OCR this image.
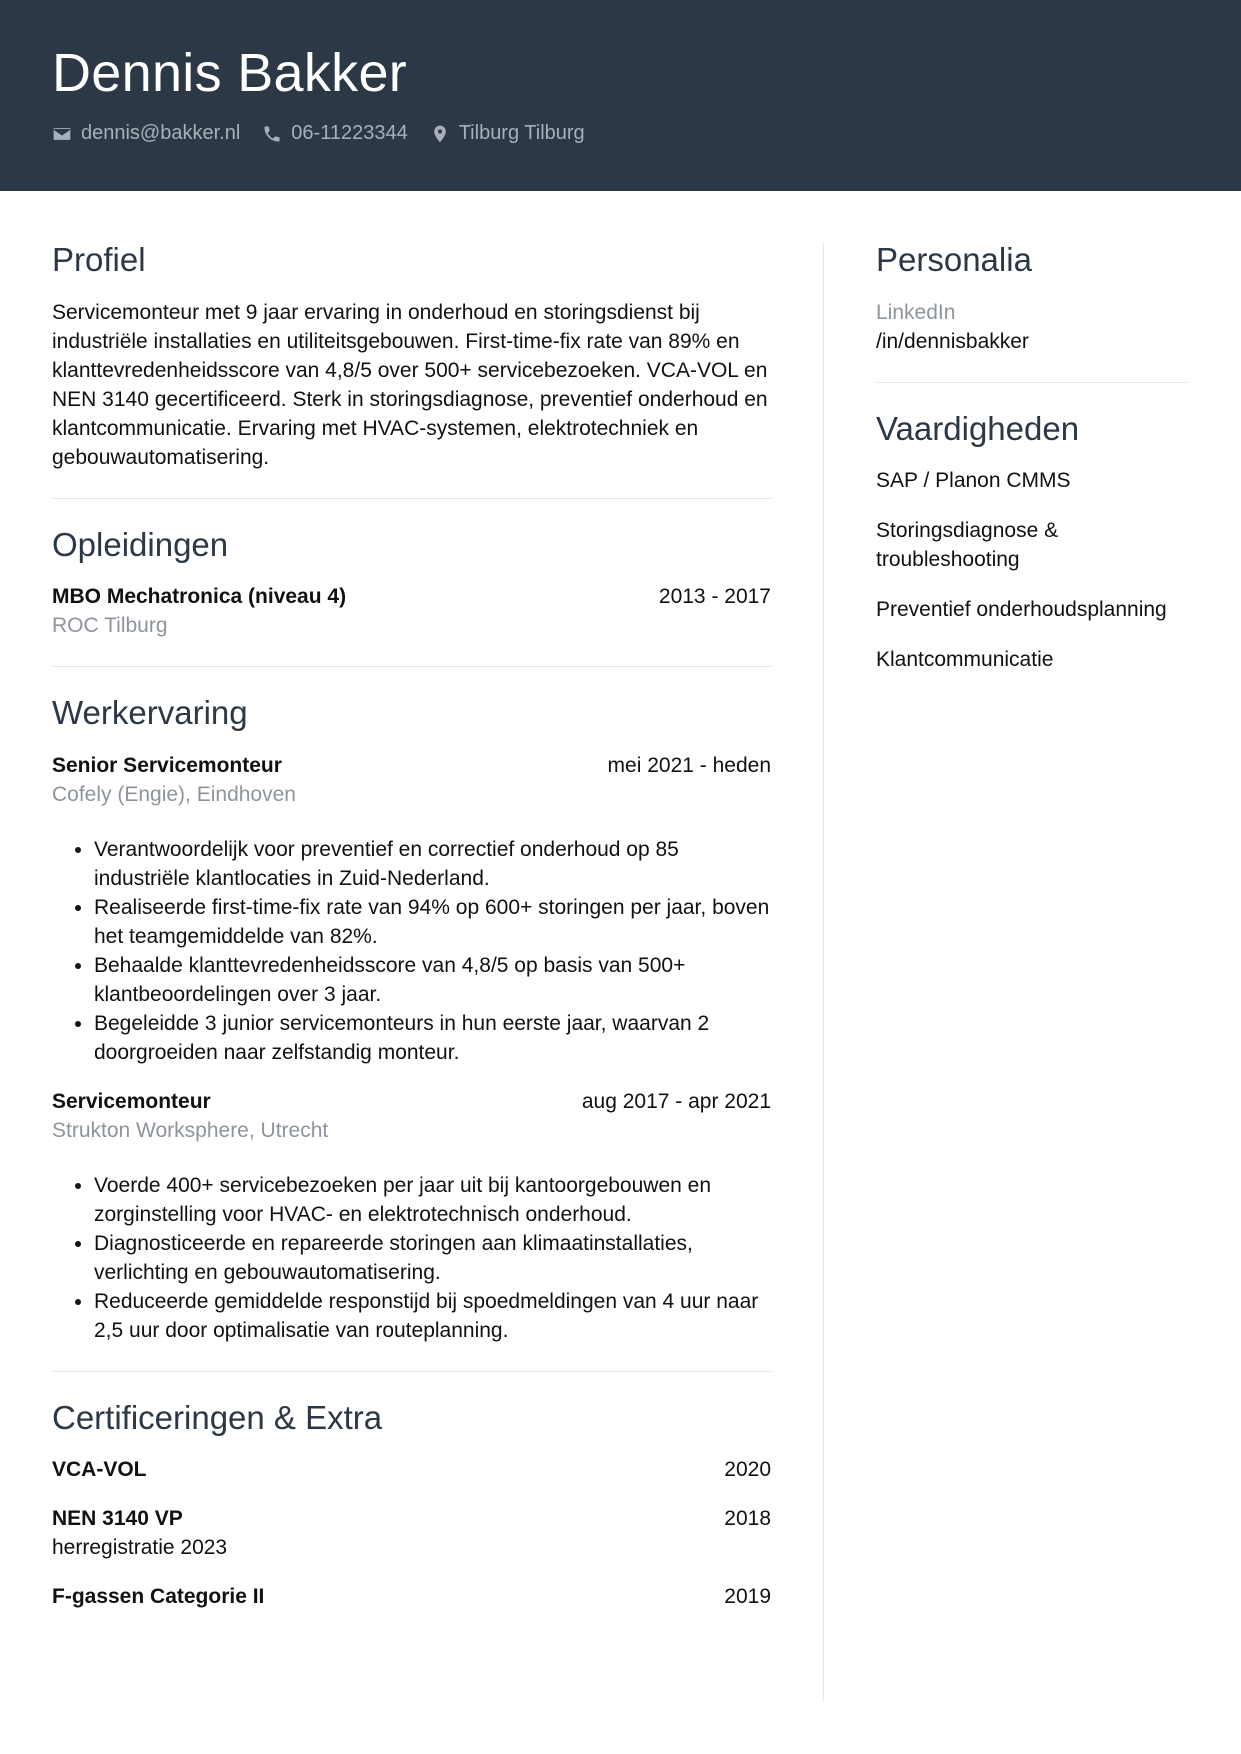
Dennis Bakker
dennis@bakker.nl	06-11223344	Tilburg Tilburg
Profiel

Servicemonteur met 9 jaar ervaring in onderhoud en storingsdienst bij industriële installaties en utiliteitsgebouwen. First-time-fix rate van 89% en klanttevredenheidsscore van 4,8/5 over 500+ servicebezoeken. VCA-VOL en NEN 3140 gecertificeerd. Sterk in storingsdiagnose, preventief onderhoud en klantcommunicatie. Ervaring met HVAC-systemen, elektrotechniek en gebouwautomatisering.

Opleidingen
MBO Mechatronica (niveau 4)	2013 - 2017
ROC Tilburg
Werkervaring
Senior Servicemonteur	mei 2021 - heden
Cofely (Engie), Eindhoven
• Verantwoordelijk voor preventief en correctief onderhoud op 85 industriële klantlocaties in Zuid-Nederland.
• Realiseerde first-time-fix rate van 94% op 600+ storingen per jaar, boven het teamgemiddelde van 82%.
• Behaalde klanttevredenheidsscore van 4,8/5 op basis van 500+ klantbeoordelingen over 3 jaar.
• Begeleidde 3 junior servicemonteurs in hun eerste jaar, waarvan 2 doorgroeiden naar zelfstandig monteur.
Servicemonteur	aug 2017 - apr 2021
Strukton Worksphere, Utrecht
• Voerde 400+ servicebezoeken per jaar uit bij kantoorgebouwen en zorginstelling voor HVAC- en elektrotechnisch onderhoud.
• Diagnosticeerde en repareerde storingen aan klimaatinstallaties, verlichting en gebouwautomatisering.
• Reduceerde gemiddelde responstijd bij spoedmeldingen van 4 uur naar 2,5 uur door optimalisatie van routeplanning.
Certificeringen & Extra
VCA-VOL	2020
NEN 3140 VP	2018
herregistratie 2023
F-gassen Categorie II	2019
Personalia
LinkedIn
/in/dennisbakker
Vaardigheden
SAP / Planon CMMS
Storingsdiagnose & troubleshooting
Preventief onderhoudsplanning
Klantcommunicatie
